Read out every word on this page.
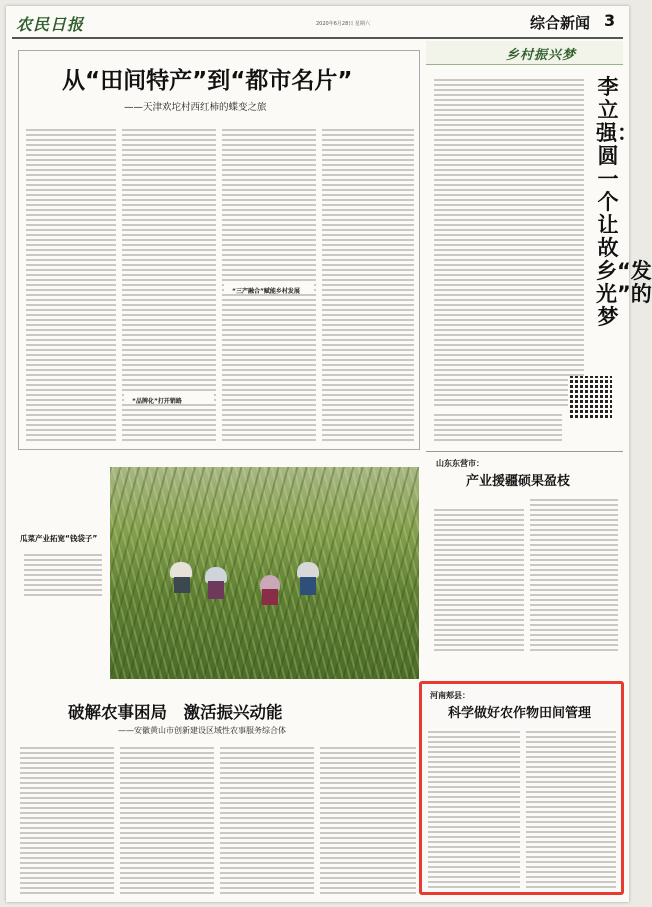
农民日报	2020年6月28日 星期六	综合新闻 3
从“田间特产”到“都市名片”
——天津欢坨村西红柿的蝶变之旅
“三产融合”赋能乡村发展
“品牌化”打开销路
乡村振兴梦
李立强：圆一个让故乡“发光”的梦
山东东营市：
产业援疆硕果盈枝
瓜菜产业拓宽“钱袋子”
破解农事困局　激活振兴动能
——安徽黄山市创新建设区域性农事服务综合体
河南郏县：
科学做好农作物田间管理
